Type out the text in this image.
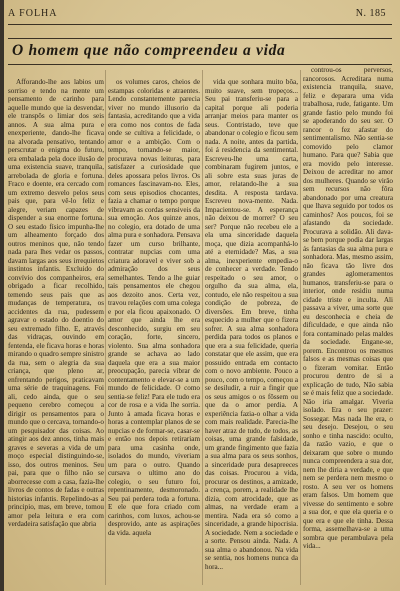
A FOLHA	N. 185
O homem que não compreendeu a vida

Afforando-lhe aos labios um sorriso e tendo na mente um pensamento de carinho para aquelle mundo que ia desvendar, ele transpôs o limiar dos seis annos. A sua alma pura e enexperiente, dando-lhe ficava na alvorada pensativo, tentando perscrutar o enigma do futuro, era embalada pela doce ilusão de uma existencia suave, tranquila, arrebolada de gloria e fortuna. Fraco e doente, era cercado com um extremo desvelo pelos seus pais que, para vê-lo feliz e alegre, veriam capazes de dispender a sua enorme fortuna. O seu estado físico impunha-lhe um alheamento forçado dos outros meninos que, não tendo nada para lhes vedar os passos, davam largas aos seus irrequietos instintos infantis. Excluido do convívio dos companheiros, era obrigado a ficar recolhido, temendo seus pais que as mudanças de temperatura, os accidentes da rua, pudessem agravar o estado do doentio do seu extremado filho. E, através das vidraças, ouvindo em fentenda, ele ficava horas e horas mirando o quadro sempre sinistro da rua, sem o alegria da sua criança, que pleno ar, enfrentando perigos, praticavam uma série de traquinagens. Foi ali, cedo ainda, que o seu pequeno cerebro começou a dirigir os pensamentos para o mundo que o cercava, tornando-o um pesquisador das coisas. Ao atingir aos dez annos, tinha mais graves e severas a vida de um moço especial distinguindo-se, isso, dos outros meninos. Seu pai, para que o filho não se aborrecesse com a casa, fazia-lhe livros de contos de fadas e outras historias infantis. Repelindo-as a principio, mas, em breve, tomou amor pela leitura e era com verdadeira satisfação que abria

os volumes caros, cheios de estampas coloridas e atraentes. Lendo constantemente parecia viver no mundo illusorio da fantasia, acreditando que a vida era como nos contos de fada onde se cultiva a felicidade, o amor e a ambição. Com o tempo, tornando-se maior, procurava novas leituras, para satisfazer a curiosidade que deles apossara pelos livros. Os romances fascinavam-no. Eles, com seus episodios chocantes, fazia a chamar o tempo porque vibravam as cordas sensiveis da sua emoção. Aos quinze anos, no colegio, era dotado de uma alma pura e sonhadora. Pensava fazer um curso brilhante, contratar nupcias com uma criatura adoravel e viver sob a admiração dos seus semelhantes. Tendo a lhe guiar tais pensamentos ele chegou aos dezoito anos. Certa vez, travou relações com uma colega e por ela ficou apaixonado. O amor que ainda lhe era desconhecido, surgiu em seu coração, forte, sincero, violento. Sua alma sonhadora grande se achava ao lado daquela que era a sua maior preocupação, parecia vibrar de contentamento e elevar-se a um mundo de felicidade. O como sentia-se feliz! Para ele tudo era cor de rosa e a vida lhe sorria. Junto à amada ficava horas e horas a contemplar planos de se nupcias e de formar-se, casar-se e então nos depois retirariam para uma casinha onde, isolados do mundo, viveriam um para o outro. Quando cursava o ultimo ano do colegio, o seu futuro foi, repentinamente, desmoronado. Seu pai perdera toda a fortuna. E ele que fora criado com carinhos, com luxos, achou-se desprovido, ante as aspirações da vida. aquela

vida que sonhara muito bôa, muito suave, sem tropeços... Seu pai transferiu-se para a capital porque ali poderia arranjar meios para manter os seus. Contristado, teve que abandonar o colegio e ficou sem nada. A noite, antes da partida, foi á residencia da sentimental. Escreveu-lhe uma carta, combinaram fugirem juntos, e ali sobre esta suas juras de amor, relatando-lhe a sua desdita. A resposta tardava. Escreveu nova-mente. Nada. Impacientou-se. A esperança não deixou de morrer? O seu ser? Porque não recebeu ele a ela uma sinceridade daquela moça, que dizia acompanhá-lo até a eternidade? Mas, a sua alma, inexperiente empedia-o de conhecer a verdade. Tendo respeitado o seu amor, o orgulho da sua alma, ela, contudo, ele não respeitou a sua condição de pobreza, de diversões. Em breve, tinha esquecido a mulher que o fizera sofrer. A sua alma sonhadora perdida para todos os planos e que era a sua felicidade, queria constatar que ele assim, que era possuido entrada em contacto com o novo ambiente. Pouco a pouco, com o tempo, começou a se desiludir, a ruir a fingir que os seus amigos o os fôssem ou que da o amor perdia. A experiência fazia-o olhar a vida com mais realidade. Parecia-lhe haver atraz de tudo, de todos, as coisas, uma grande falsidade, um grande fingimento que fazia a sua alma para os seus sonhos, a sinceridade pura desapreeces das coisas. Procurou a vida, procurar os destinos, a amizade, a crença, porem, a realidade lhe dizia, com atrocidade, que as almas, na verdade eram a mentira. Nada era só como a sinceridade, a grande hipocrisia. A sociedade. Nem a sociedade e a sorte. Pensou ainda. Nada. A sua alma o abandonou. Na vida se sentia, nos homens nunca da hora...

controu-os perversos, rancorosos. Acreditara numa existencia tranquila, suave, feliz e deparara uma vida trabalhosa, rude, fatigante. Um grande fastio pelo mundo foi se apoderando do seu ser. O rancor o fez afastar do sentimentalismo. Não sentia-se comovido pelo clamor humano. Para que? Sabia que era movido pelo interesse. Deixou de acreditar no amor dos mulheres. Quando se virão sem recursos não fôra abandonado por uma creatura que lhava seguido por todos os caminhos? Aos poucos, foi se afastando da sociedade. Procurava a solidão. Ali dava-se bem porque podia dar largas ás fantasias da sua alma pura e sonhadora. Mas, mesmo assim, não ficava tão livre dos grandes aglomeramentos humanos, transferiu-se para o interior, onde residiu numa cidade triste e inculta. Ali passava a viver, uma sorte que eu desconhecia e cheia de dificuldade, e que ainda não fora contaminado pelas maldes da sociedade. Engane-se, porem. Encontrou os mesmos falsos e as mesmas coisas que o fizeram vomitar. Então procurou dentro de si a explicação de tudo, Não sabia se é mais feliz que a sociedade. Não iria amalgar. Viveria isolado. Era o seu prazer: Sossegar. Mas nada lhe era, o seu desejo. Desejou, o seu sonho e tinha nascido: oculto, da razão vazio, e que o deixaram que sobre o mundo nunca compreendera a sua dor, nem lhe diria a verdade, e que nem se perdera nem mesmo o rosto. A seu ver os homens eram falsos. Um homem que vivesse do sentimento e sobre a sua dor, e que ela queria e o que era e que ele tinha. Dessa forma, assemelhava-se a uma sombra que perambulava pela vida...
